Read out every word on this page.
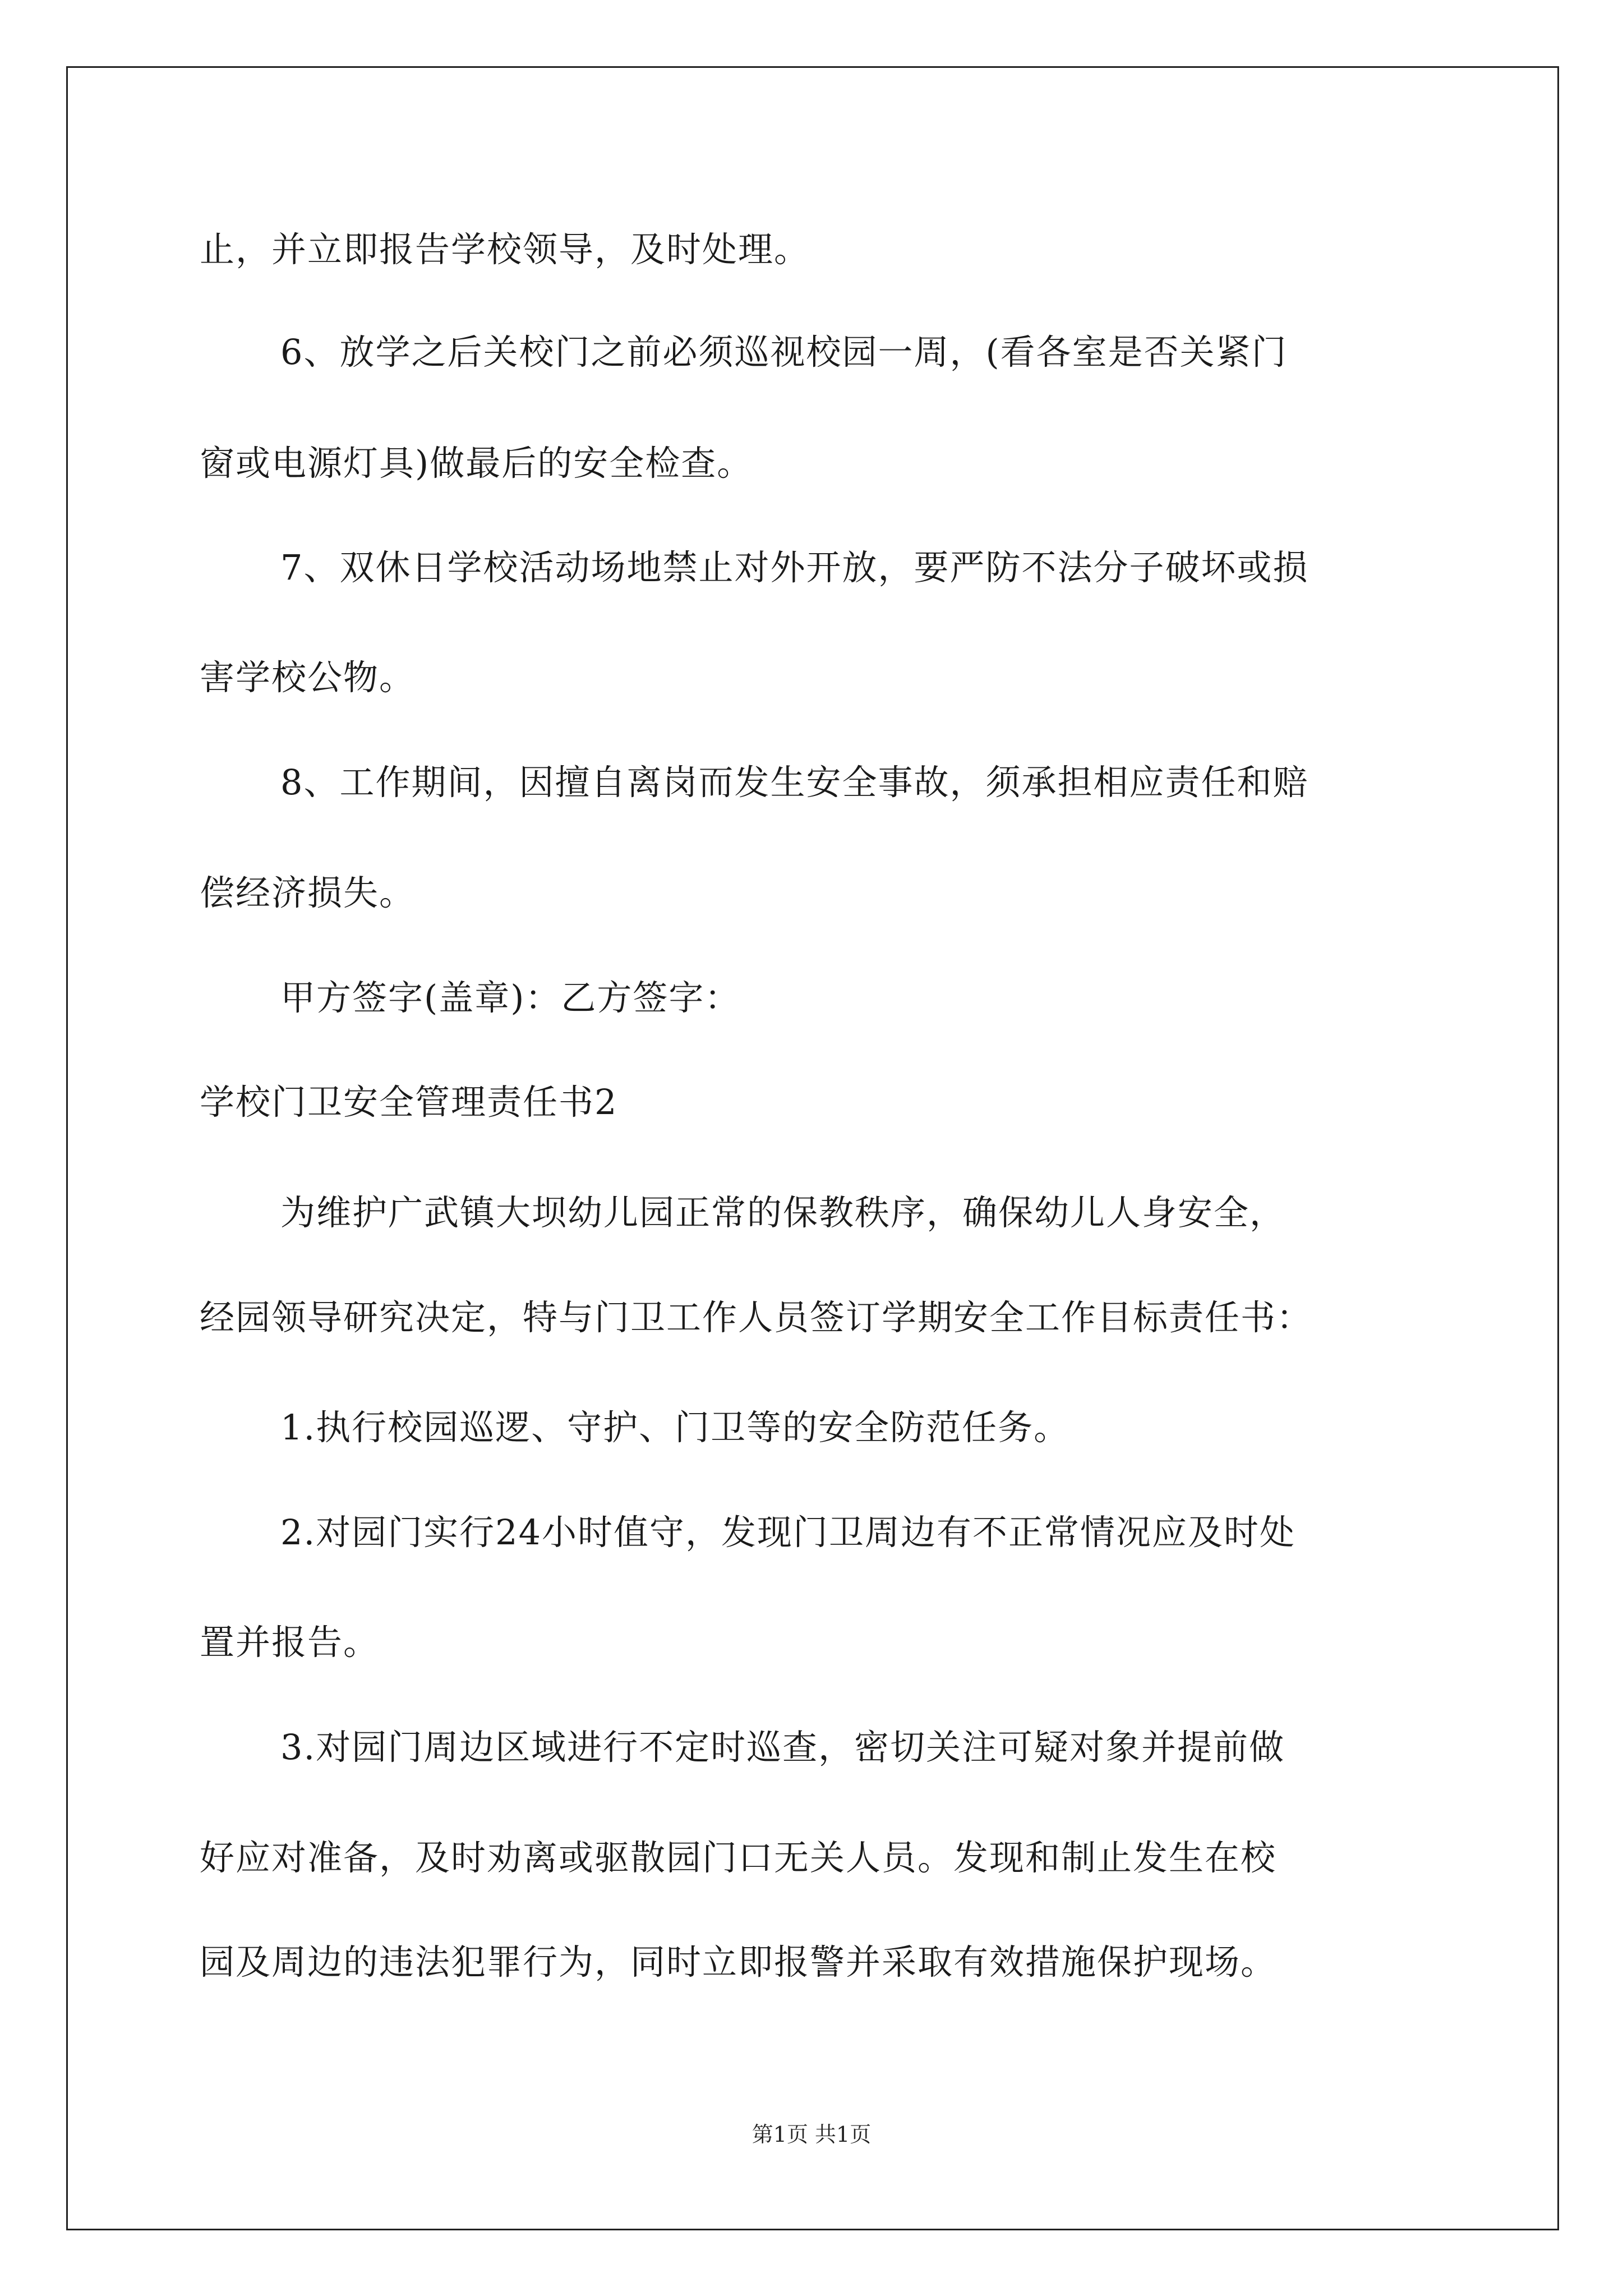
止，并立即报告学校领导，及时处理。
6、放学之后关校门之前必须巡视校园一周，(看各室是否关紧门
窗或电源灯具)做最后的安全检查。
7、双休日学校活动场地禁止对外开放，要严防不法分子破坏或损
害学校公物。
8、工作期间，因擅自离岗而发生安全事故，须承担相应责任和赔
偿经济损失。
甲方签字(盖章)：乙方签字：
学校门卫安全管理责任书2
为维护广武镇大坝幼儿园正常的保教秩序，确保幼儿人身安全，
经园领导研究决定，特与门卫工作人员签订学期安全工作目标责任书：
1.执行校园巡逻、守护、门卫等的安全防范任务。
2.对园门实行24小时值守，发现门卫周边有不正常情况应及时处
置并报告。
3.对园门周边区域进行不定时巡查，密切关注可疑对象并提前做
好应对准备，及时劝离或驱散园门口无关人员。发现和制止发生在校
园及周边的违法犯罪行为，同时立即报警并采取有效措施保护现场。
第1页 共1页
